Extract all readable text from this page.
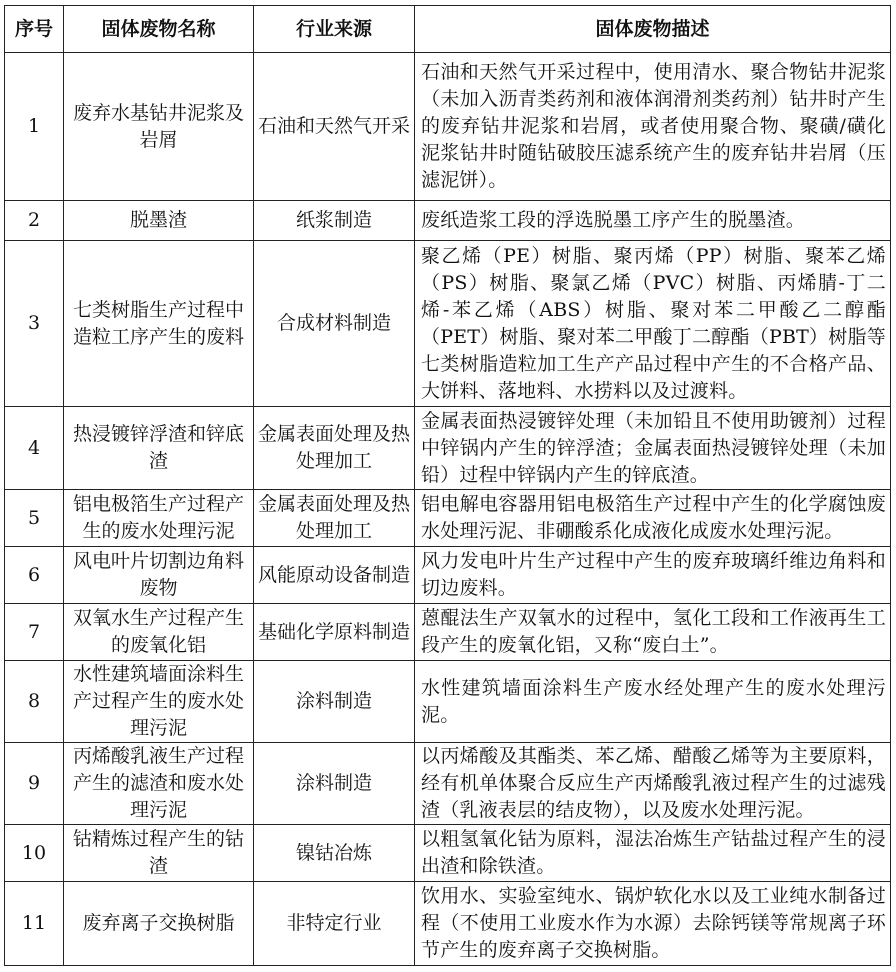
序号	固体废物名称	行业来源	固体废物描述
1	废弃水基钻井泥浆及岩屑	石油和天然气开采	石油和天然气开采过程中，使用清水、聚合物钻井泥浆（未加入沥青类药剂和液体润滑剂类药剂）钻井时产生的废弃钻井泥浆和岩屑，或者使用聚合物、聚磺/磺化泥浆钻井时随钻破胶压滤系统产生的废弃钻井岩屑（压滤泥饼）。
2	脱墨渣	纸浆制造	废纸造浆工段的浮选脱墨工序产生的脱墨渣。
3	七类树脂生产过程中造粒工序产生的废料	合成材料制造	聚乙烯（PE）树脂、聚丙烯（PP）树脂、聚苯乙烯（PS）树脂、聚氯乙烯（PVC）树脂、丙烯腈-丁二烯-苯乙烯（ABS）树脂、聚对苯二甲酸乙二醇酯（PET）树脂、聚对苯二甲酸丁二醇酯（PBT）树脂等七类树脂造粒加工生产产品过程中产生的不合格产品、大饼料、落地料、水捞料以及过渡料。
4	热浸镀锌浮渣和锌底渣	金属表面处理及热处理加工	金属表面热浸镀锌处理（未加铅且不使用助镀剂）过程中锌锅内产生的锌浮渣；金属表面热浸镀锌处理（未加铅）过程中锌锅内产生的锌底渣。
5	铝电极箔生产过程产生的废水处理污泥	金属表面处理及热处理加工	铝电解电容器用铝电极箔生产过程中产生的化学腐蚀废水处理污泥、非硼酸系化成液化成废水处理污泥。
6	风电叶片切割边角料废物	风能原动设备制造	风力发电叶片生产过程中产生的废弃玻璃纤维边角料和切边废料。
7	双氧水生产过程产生的废氧化铝	基础化学原料制造	蒽醌法生产双氧水的过程中，氢化工段和工作液再生工段产生的废氧化铝，又称“废白土”。
8	水性建筑墙面涂料生产过程产生的废水处理污泥	涂料制造	水性建筑墙面涂料生产废水经处理产生的废水处理污泥。
9	丙烯酸乳液生产过程产生的滤渣和废水处理污泥	涂料制造	以丙烯酸及其酯类、苯乙烯、醋酸乙烯等为主要原料，经有机单体聚合反应生产丙烯酸乳液过程产生的过滤残渣（乳液表层的结皮物），以及废水处理污泥。
10	钴精炼过程产生的钴渣	镍钴冶炼	以粗氢氧化钴为原料，湿法冶炼生产钴盐过程产生的浸出渣和除铁渣。
11	废弃离子交换树脂	非特定行业	饮用水、实验室纯水、锅炉软化水以及工业纯水制备过程（不使用工业废水作为水源）去除钙镁等常规离子环节产生的废弃离子交换树脂。
